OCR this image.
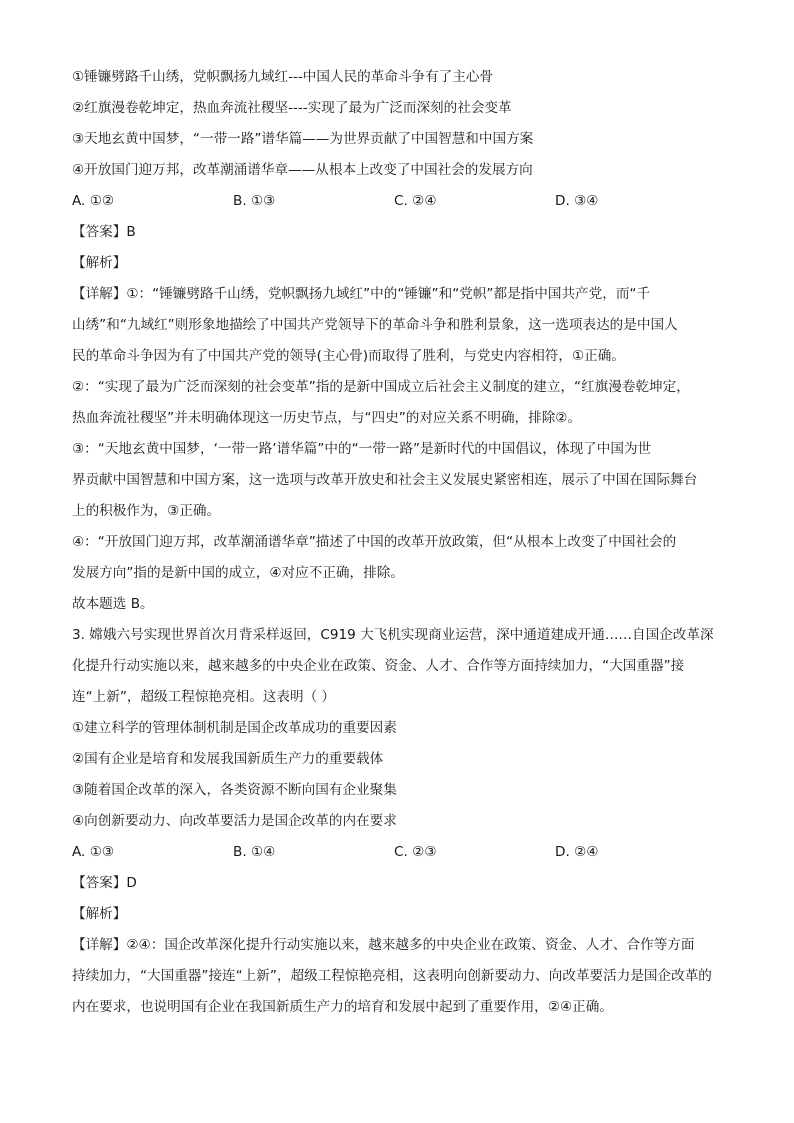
①锤镰劈路千山绣，党帜飘扬九域红---中国人民的革命斗争有了主心骨
②红旗漫卷乾坤定，热血奔流社稷坚----实现了最为广泛而深刻的社会变革
③天地玄黄中国梦，“一带一路”谱华篇——为世界贡献了中国智慧和中国方案
④开放国门迎万邦，改革潮涌谱华章——从根本上改变了中国社会的发展方向
A. ①②	B. ①③	C. ②④	D. ③④
【答案】B
【解析】
【详解】①：“锤镰劈路千山绣，党帜飘扬九域红”中的“锤镰”和“党帜”都是指中国共产党，而“千
山绣”和“九域红”则形象地描绘了中国共产党领导下的革命斗争和胜利景象，这一选项表达的是中国人
民的革命斗争因为有了中国共产党的领导(主心骨)而取得了胜利，与党史内容相符，①正确。
②：“实现了最为广泛而深刻的社会变革”指的是新中国成立后社会主义制度的建立，“红旗漫卷乾坤定，
热血奔流社稷坚”并未明确体现这一历史节点，与“四史”的对应关系不明确，排除②。
③：“天地玄黄中国梦，‘一带一路’谱华篇”中的“一带一路”是新时代的中国倡议，体现了中国为世
界贡献中国智慧和中国方案，这一选项与改革开放史和社会主义发展史紧密相连，展示了中国在国际舞台
上的积极作为，③正确。
④：“开放国门迎万邦，改革潮涌谱华章”描述了中国的改革开放政策，但“从根本上改变了中国社会的
发展方向”指的是新中国的成立，④对应不正确，排除。
故本题选 B。
3. 嫦娥六号实现世界首次月背采样返回，C919 大飞机实现商业运营，深中通道建成开通……自国企改革深
化提升行动实施以来，越来越多的中央企业在政策、资金、人才、合作等方面持续加力，“大国重器”接
连“上新”，超级工程惊艳亮相。这表明（ ）
①建立科学的管理体制机制是国企改革成功的重要因素
②国有企业是培育和发展我国新质生产力的重要载体
③随着国企改革的深入，各类资源不断向国有企业聚集
④向创新要动力、向改革要活力是国企改革的内在要求
A. ①③	B. ①④	C. ②③	D. ②④
【答案】D
【解析】
【详解】②④：国企改革深化提升行动实施以来，越来越多的中央企业在政策、资金、人才、合作等方面
持续加力，“大国重器”接连“上新”，超级工程惊艳亮相，这表明向创新要动力、向改革要活力是国企改革的
内在要求，也说明国有企业在我国新质生产力的培育和发展中起到了重要作用，②④正确。
